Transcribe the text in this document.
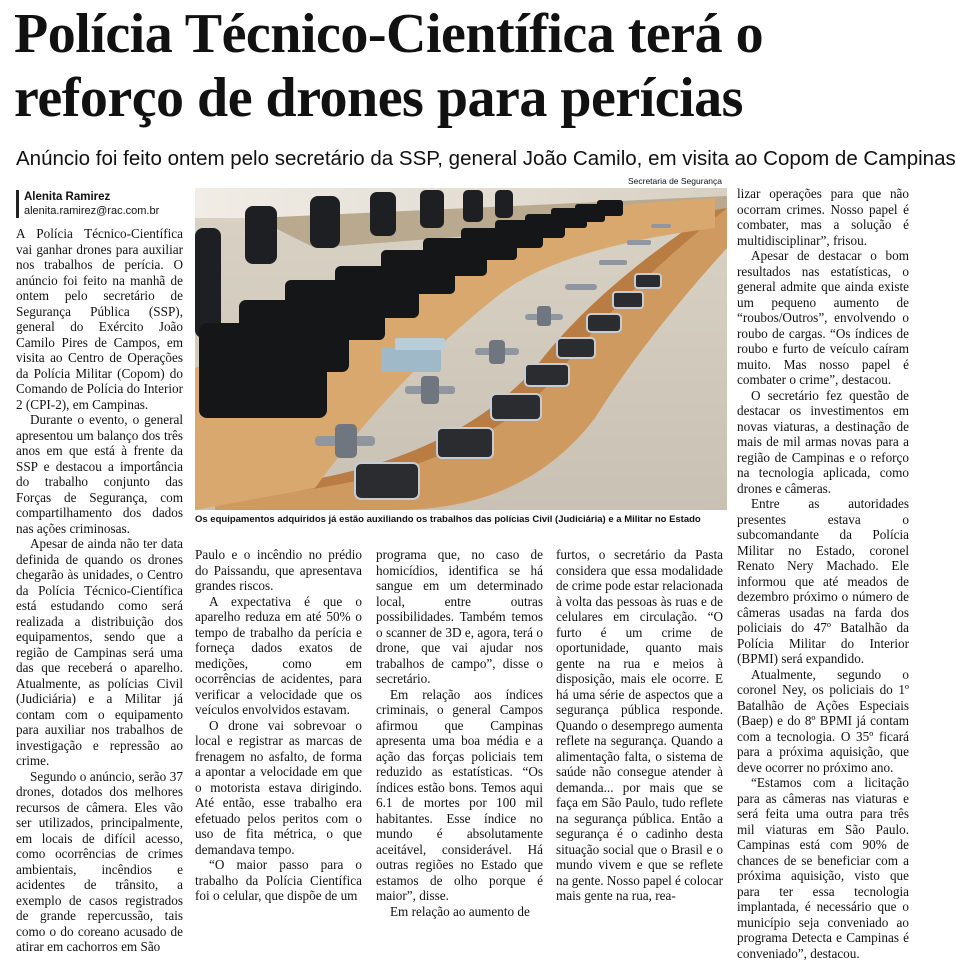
Polícia Técnico-Científica terá o
reforço de drones para perícias
Anúncio foi feito ontem pelo secretário da SSP, general João Camilo, em visita ao Copom de Campinas
Alenita Ramirez
alenita.ramirez@rac.com.br
Secretaria de Segurança
Os equipamentos adquiridos já estão auxiliando os trabalhos das polícias Civil (Judiciária) e a Militar no Estado

A Polícia Técnico-Científica vai ganhar drones para auxiliar nos trabalhos de perícia. O anúncio foi feito na manhã de ontem pelo secretário de Segurança Pública (SSP), general do Exército João Camilo Pires de Campos, em visita ao Centro de Operações da Polícia Militar (Copom) do Comando de Polícia do Interior 2 (CPI-2), em Campinas.

Durante o evento, o general apresentou um balanço dos três anos em que está à frente da SSP e destacou a importância do trabalho conjunto das Forças de Segurança, com compartilhamento dos dados nas ações criminosas.

Apesar de ainda não ter data definida de quando os drones chegarão às unidades, o Centro da Polícia Técnico-Científica está estudando como será realizada a distribuição dos equipamentos, sendo que a região de Campinas será uma das que receberá o aparelho. Atualmente, as polícias Civil (Judiciária) e a Militar já contam com o equipamento para auxiliar nos trabalhos de investigação e repressão ao crime.

Segundo o anúncio, serão 37 drones, dotados dos melhores recursos de câmera. Eles vão ser utilizados, principalmente, em locais de difícil acesso, como ocorrências de crimes ambientais, incêndios e acidentes de trânsito, a exemplo de casos registrados de grande repercussão, tais como o do coreano acusado de atirar em cachorros em São

Paulo e o incêndio no prédio do Paissandu, que apresentava grandes riscos.

A expectativa é que o aparelho reduza em até 50% o tempo de trabalho da perícia e forneça dados exatos de medições, como em ocorrências de acidentes, para verificar a velocidade que os veículos envolvidos estavam.

O drone vai sobrevoar o local e registrar as marcas de frenagem no asfalto, de forma a apontar a velocidade em que o motorista estava dirigindo. Até então, esse trabalho era efetuado pelos peritos com o uso de fita métrica, o que demandava tempo.

“O maior passo para o trabalho da Polícia Científica foi o celular, que dispõe de um

programa que, no caso de homicídios, identifica se há sangue em um determinado local, entre outras possibilidades. Também temos o scanner de 3D e, agora, terá o drone, que vai ajudar nos trabalhos de campo”, disse o secretário.

Em relação aos índices criminais, o general Campos afirmou que Campinas apresenta uma boa média e a ação das forças policiais tem reduzido as estatísticas. “Os índices estão bons. Temos aqui 6.1 de mortes por 100 mil habitantes. Esse índice no mundo é absolutamente aceitável, considerável. Há outras regiões no Estado que estamos de olho porque é maior”, disse.

Em relação ao aumento de

furtos, o secretário da Pasta considera que essa modalidade de crime pode estar relacionada à volta das pessoas às ruas e de celulares em circulação. “O furto é um crime de oportunidade, quanto mais gente na rua e meios à disposição, mais ele ocorre. E há uma série de aspectos que a segurança pública responde. Quando o desemprego aumenta reflete na segurança. Quando a alimentação falta, o sistema de saúde não consegue atender à demanda... por mais que se faça em São Paulo, tudo reflete na segurança pública. Então a segurança é o cadinho desta situação social que o Brasil e o mundo vivem e que se reflete na gente. Nosso papel é colocar mais gente na rua, rea-

lizar operações para que não ocorram crimes. Nosso papel é combater, mas a solução é multidisciplinar”, frisou.

Apesar de destacar o bom resultados nas estatísticas, o general admite que ainda existe um pequeno aumento de “roubos/Outros”, envolvendo o roubo de cargas. “Os índices de roubo e furto de veículo caíram muito. Mas nosso papel é combater o crime”, destacou.

O secretário fez questão de destacar os investimentos em novas viaturas, a destinação de mais de mil armas novas para a região de Campinas e o reforço na tecnologia aplicada, como drones e câmeras.

Entre as autoridades presentes estava o subcomandante da Polícia Militar no Estado, coronel Renato Nery Machado. Ele informou que até meados de dezembro próximo o número de câmeras usadas na farda dos policiais do 47º Batalhão da Polícia Militar do Interior (BPMI) será expandido.

Atualmente, segundo o coronel Ney, os policiais do 1º Batalhão de Ações Especiais (Baep) e do 8º BPMI já contam com a tecnologia. O 35º ficará para a próxima aquisição, que deve ocorrer no próximo ano.

“Estamos com a licitação para as câmeras nas viaturas e será feita uma outra para três mil viaturas em São Paulo. Campinas está com 90% de chances de se beneficiar com a próxima aquisição, visto que para ter essa tecnologia implantada, é necessário que o município seja conveniado ao programa Detecta e Campinas é conveniado”, destacou.
